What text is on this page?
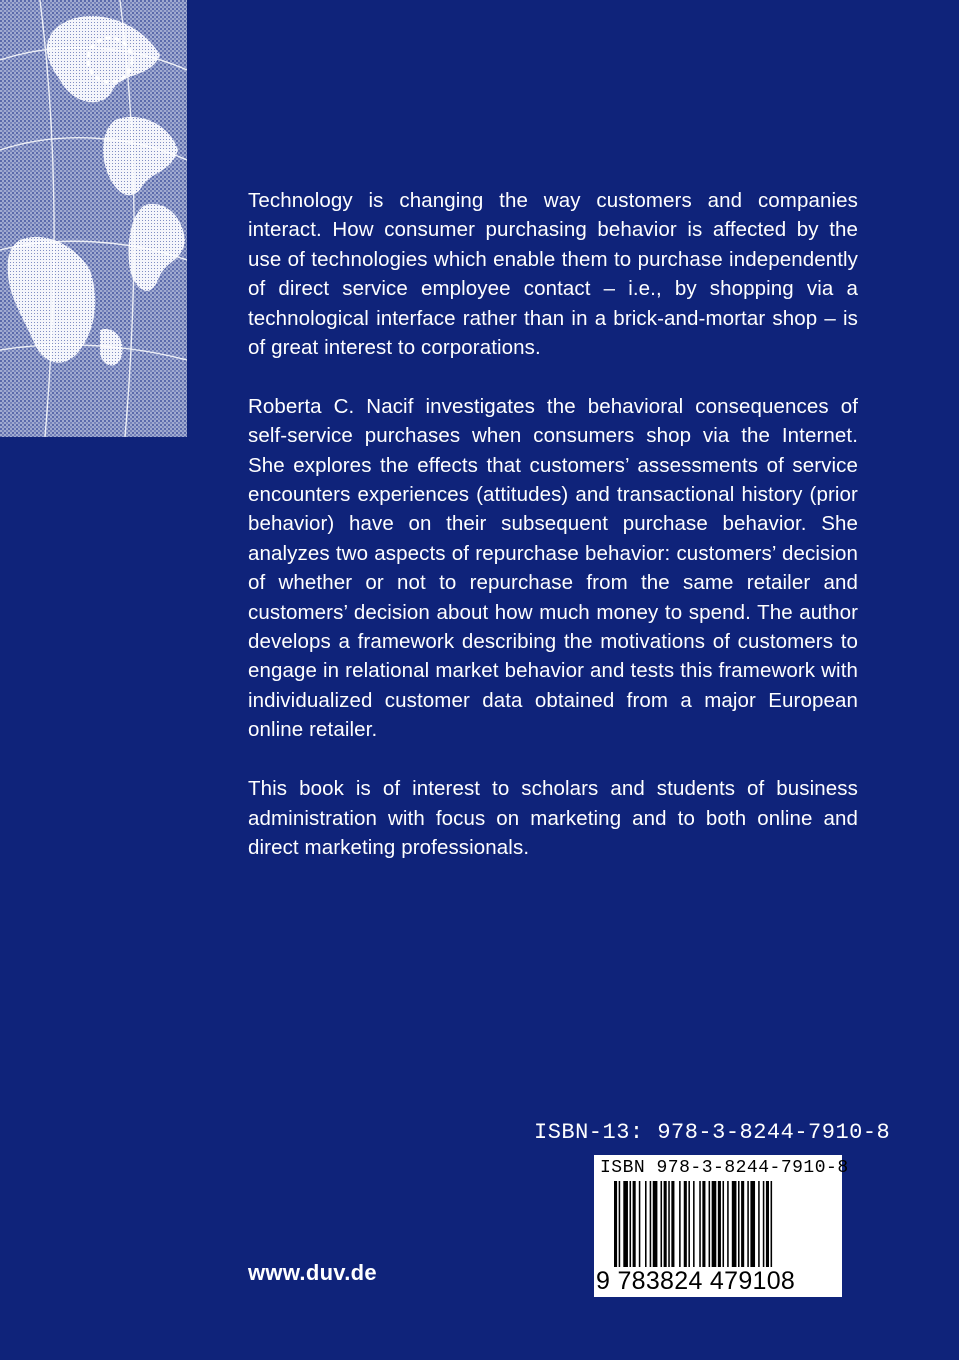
Technology is changing the way customers and companies interact. How consumer purchasing behavior is affected by the use of technologies which enable them to purchase independently of direct service employee contact – i.e., by shopping via a technological interface rather than in a brick-and-mortar shop – is of great interest to corporations.

Roberta C. Nacif investigates the behavioral consequences of self-service purchases when consumers shop via the Internet. She explores the effects that customers’ assessments of service encounters experiences (attitudes) and transactional history (prior behavior) have on their subsequent purchase behavior. She analyzes two aspects of repurchase behavior: customers’ decision of whether or not to repurchase from the same retailer and customers’ decision about how much money to spend. The author develops a framework describing the motivations of customers to engage in relational market behavior and tests this framework with individualized customer data obtained from a major European online retailer.

This book is of interest to scholars and students of business administration with focus on marketing and to both online and direct marketing professionals.

ISBN-13: 978-3-8244-7910-8
ISBN 978-3-8244-7910-8
9 783824 479108
www.duv.de
